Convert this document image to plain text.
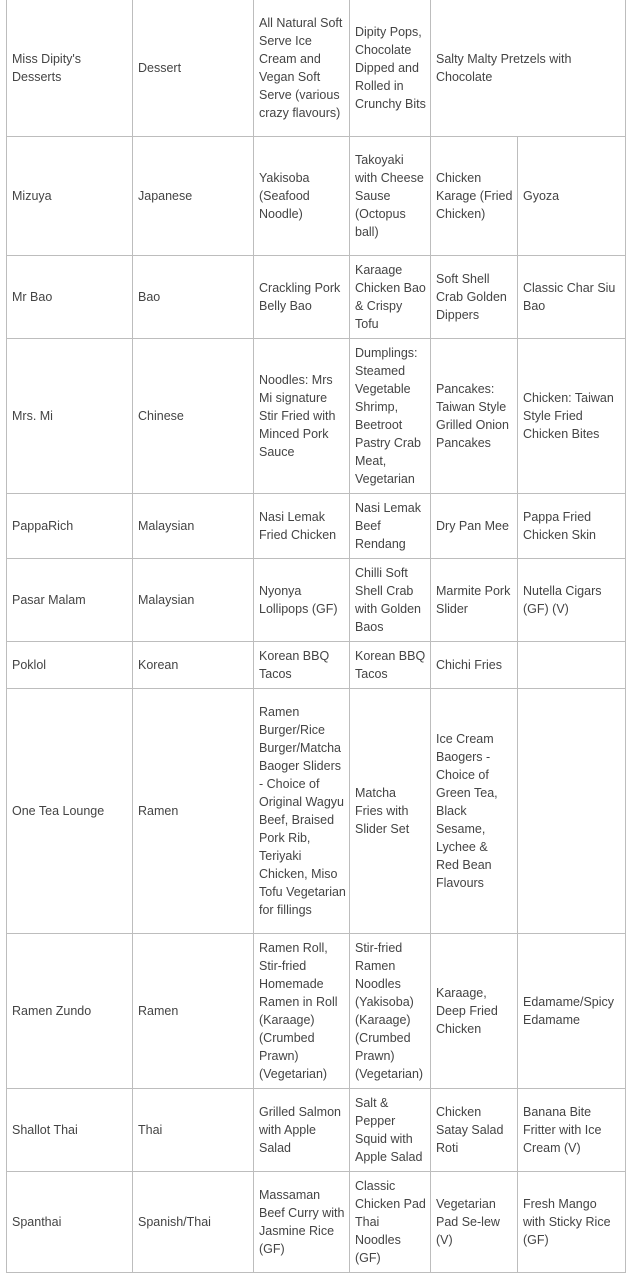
Miss Dipity's Desserts	Dessert	All Natural Soft Serve Ice Cream and Vegan Soft Serve (various crazy flavours)	Dipity Pops, Chocolate Dipped and Rolled in Crunchy Bits	Salty Malty Pretzels with Chocolate	
Mizuya	Japanese	Yakisoba (Seafood Noodle)	Takoyaki with Cheese Sause (Octopus ball)	Chicken Karage (Fried Chicken)	Gyoza
Mr Bao	Bao	Crackling Pork Belly Bao	Karaage Chicken Bao & Crispy Tofu	Soft Shell Crab Golden Dippers	Classic Char Siu Bao
Mrs. Mi	Chinese	Noodles: Mrs Mi signature Stir Fried with Minced Pork Sauce	Dumplings: Steamed Vegetable Shrimp, Beetroot Pastry Crab Meat, Vegetarian	Pancakes: Taiwan Style Grilled Onion Pancakes	Chicken: Taiwan Style Fried Chicken Bites
PappaRich	Malaysian	Nasi Lemak Fried Chicken	Nasi Lemak Beef Rendang	Dry Pan Mee	Pappa Fried Chicken Skin
Pasar Malam	Malaysian	Nyonya Lollipops (GF)	Chilli Soft Shell Crab with Golden Baos	Marmite Pork Slider	Nutella Cigars (GF) (V)
Poklol	Korean	Korean BBQ Tacos	Korean BBQ Tacos	Chichi Fries	
One Tea Lounge	Ramen	Ramen Burger/Rice Burger/Matcha Baoger Sliders - Choice of Original Wagyu Beef, Braised Pork Rib, Teriyaki Chicken, Miso Tofu Vegetarian for fillings	Matcha Fries with Slider Set	Ice Cream Baogers - Choice of Green Tea, Black Sesame, Lychee & Red Bean Flavours	
Ramen Zundo	Ramen	Ramen Roll, Stir-fried Homemade Ramen in Roll (Karaage) (Crumbed Prawn) (Vegetarian)	Stir-fried Ramen Noodles (Yakisoba) (Karaage) (Crumbed Prawn) (Vegetarian)	Karaage, Deep Fried Chicken	Edamame/Spicy Edamame
Shallot Thai	Thai	Grilled Salmon with Apple Salad	Salt & Pepper Squid with Apple Salad	Chicken Satay Salad Roti	Banana Bite Fritter with Ice Cream (V)
Spanthai	Spanish/Thai	Massaman Beef Curry with Jasmine Rice (GF)	Classic Chicken Pad Thai Noodles (GF)	Vegetarian Pad Se-lew (V)	Fresh Mango with Sticky Rice (GF)
